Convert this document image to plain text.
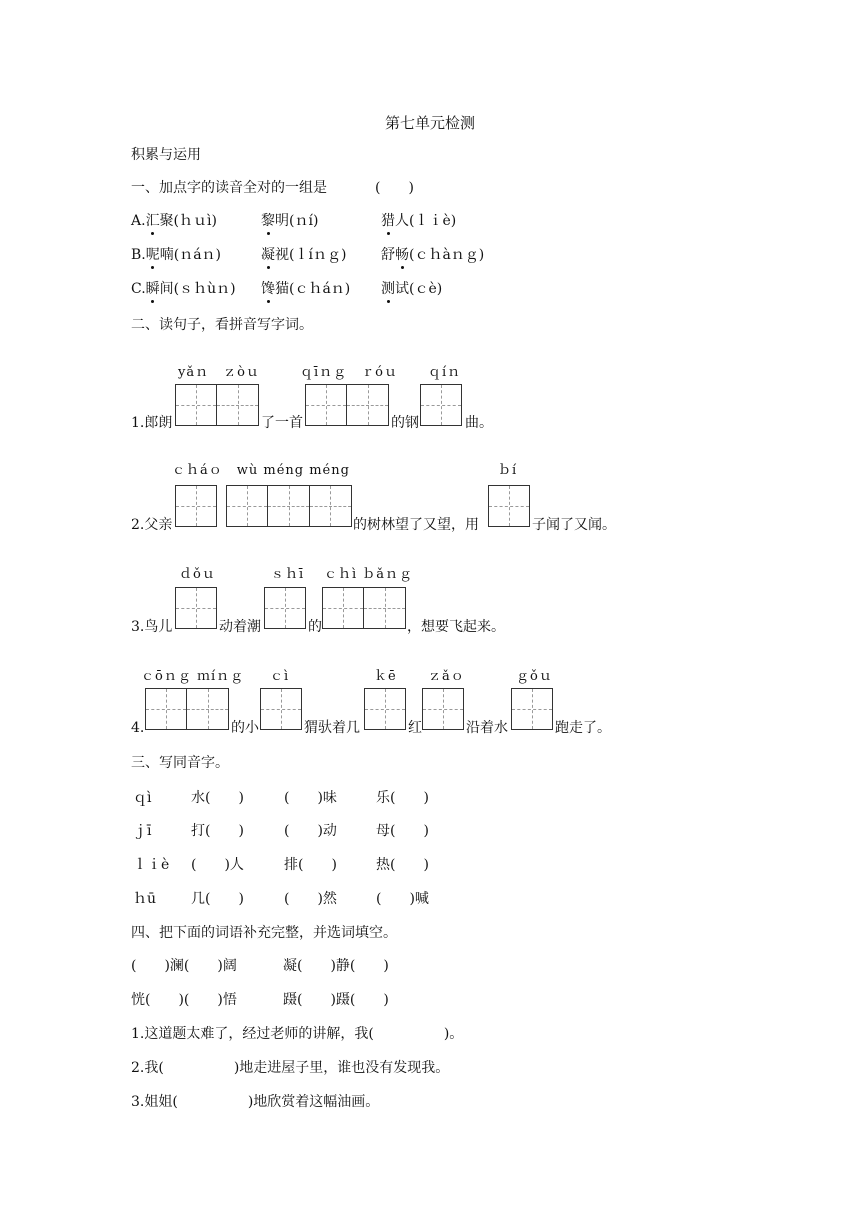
第七单元检测
积累与运用
一、加点字的读音全对的一组是	(　　)
A.汇聚(ｈｕì)	黎明(ｎí)	猎人(ｌｉè)
B.呢喃(ｎáｎ)	凝视(ｌíｎｇ) 舒畅(ｃｈàｎｇ)
C.瞬间(ｓｈùｎ) 馋猫(ｃｈáｎ) 测试(ｃè)
二、读句子，看拼音写字词。
yǎｎ　ｚòｕ	ｑīｎｇ　ｒóｕ ｑíｎ
1.郎朗	了一首	的钢	曲。
ｃｈáｏ　wù méng méng	ｂí
2.父亲	的树林望了又望，用	子闻了又闻。
ｄǒｕ	ｓｈī ｃｈì ｂǎｎｇ
3.鸟儿	动着潮	的	，想要飞起来。
ｃōｎｇ ｍíｎｇ ｃì	ｋē ｚǎｏ	ｇǒｕ
4.	的小	猬驮着几	红	沿着水	跑走了。
三、写同音字。
ｑì	水(　　)	(　　)味	乐(　　)
ｊī	打(　　)	(　　)动	母(　　)
ｌｉè (　　)人	排(　　)	热(　　)
ｈū 几(　　)	(　　)然	(　　)喊
四、把下面的词语补充完整，并选词填空。
(　　)澜(　　)阔	凝(　　)静(　　)
恍(　　)(　　)悟	蹑(　　)蹑(　　)
1.这道题太难了，经过老师的讲解，我(　　　　　)。
2.我(　　　　　)地走进屋子里，谁也没有发现我。
3.姐姐(　　　　　)地欣赏着这幅油画。
